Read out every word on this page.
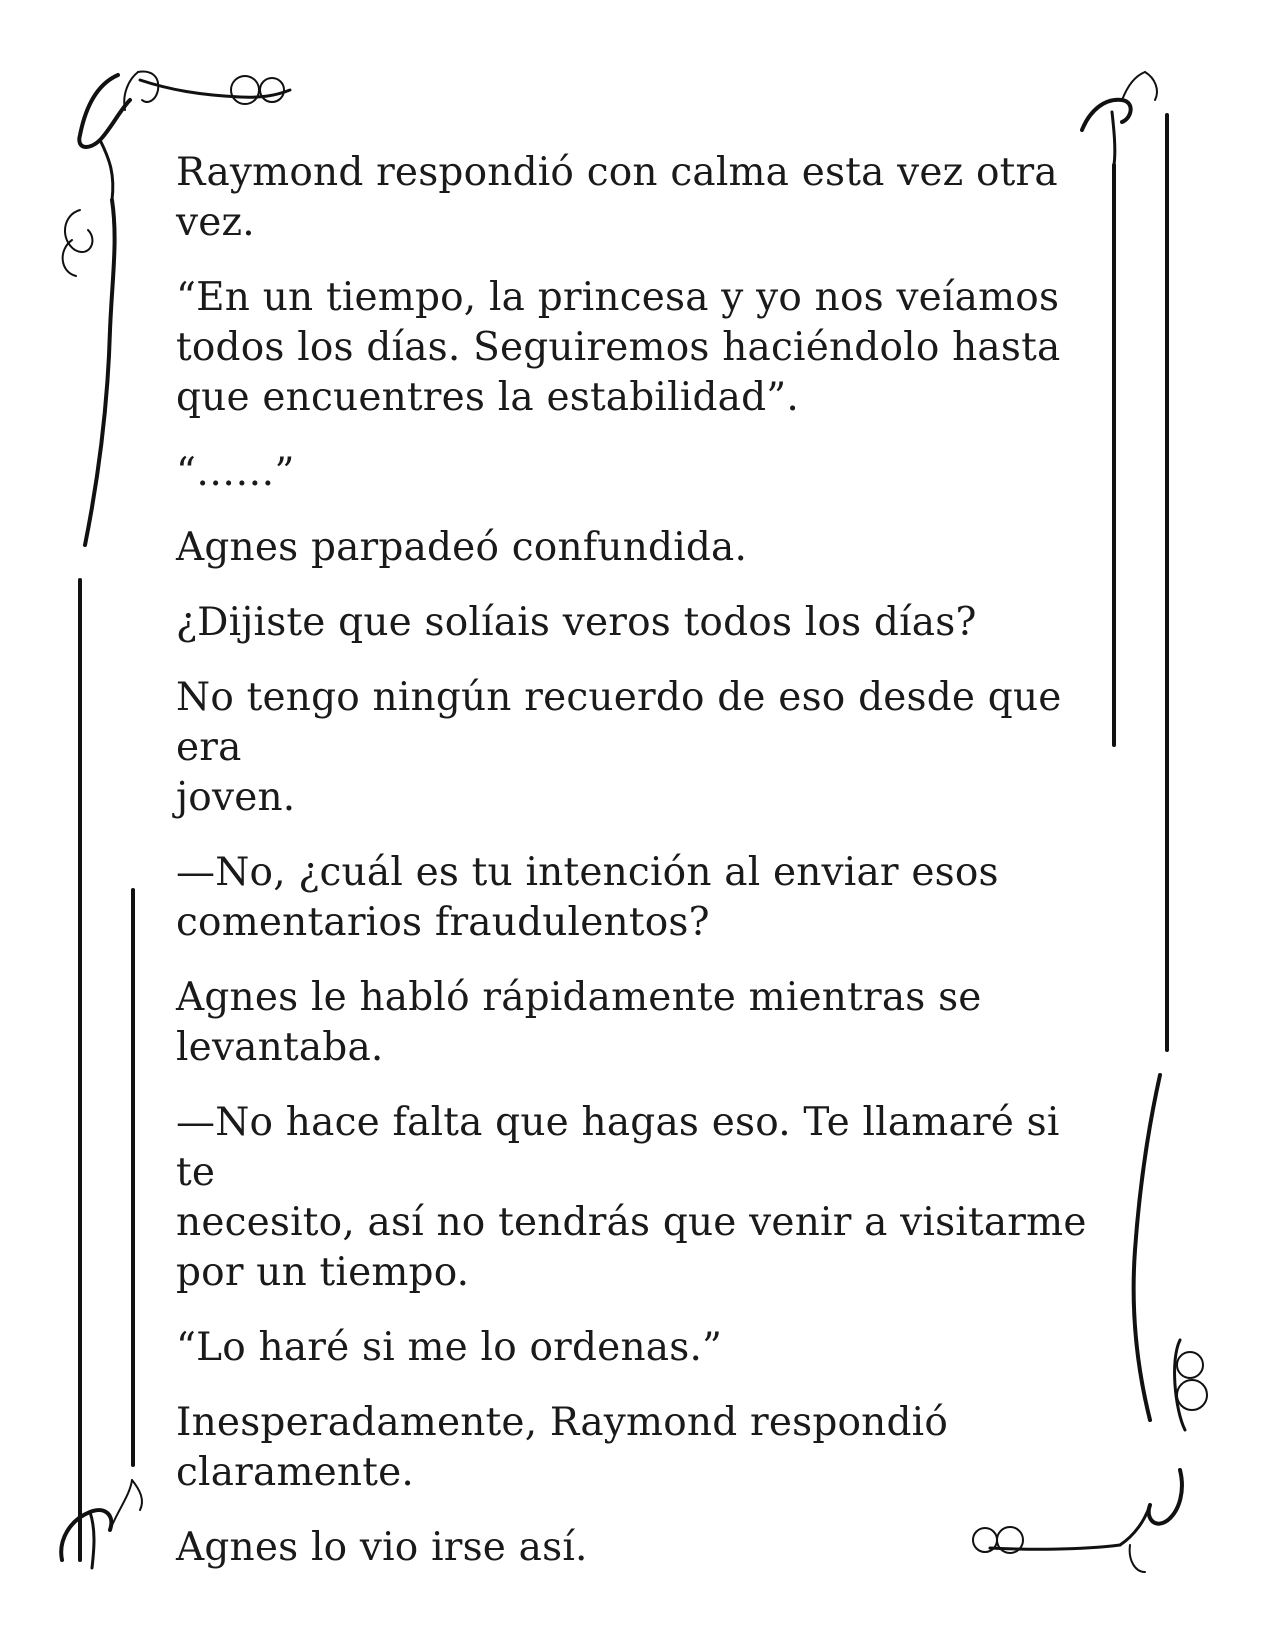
Raymond respondió con calma esta vez otra
vez.

“En un tiempo, la princesa y yo nos veíamos
todos los días. Seguiremos haciéndolo hasta
que encuentres la estabilidad”.

“……”

Agnes parpadeó confundida.

¿Dijiste que solíais veros todos los días?

No tengo ningún recuerdo de eso desde que era
joven.

—No, ¿cuál es tu intención al enviar esos
comentarios fraudulentos?

Agnes le habló rápidamente mientras se
levantaba.

—No hace falta que hagas eso. Te llamaré si te
necesito, así no tendrás que venir a visitarme
por un tiempo.

“Lo haré si me lo ordenas.”

Inesperadamente, Raymond respondió
claramente.

Agnes lo vio irse así.
